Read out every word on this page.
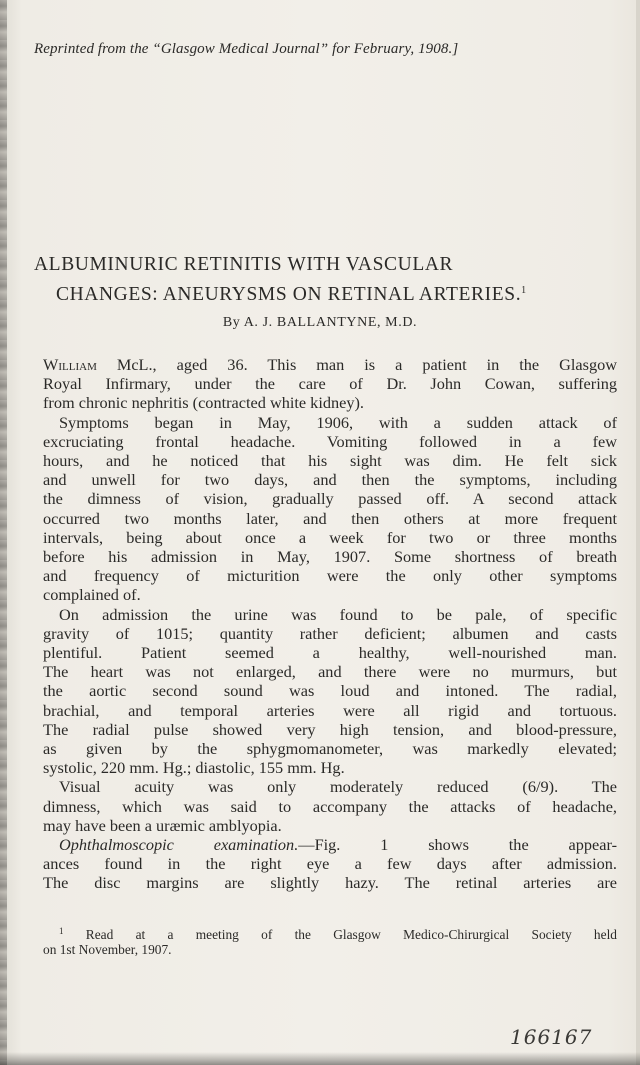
Reprinted from the “Glasgow Medical Journal” for February, 1908.]
ALBUMINURIC RETINITIS WITH VASCULAR
CHANGES: ANEURYSMS ON RETINAL ARTERIES.$^1$
By A. J. BALLANTYNE, M.D.
William McL., aged 36. This man is a patient in the Glasgow
Royal Infirmary, under the care of Dr. John Cowan, suffering
from chronic nephritis (contracted white kidney).
Symptoms began in May, 1906, with a sudden attack of
excruciating frontal headache. Vomiting followed in a few
hours, and he noticed that his sight was dim. He felt sick
and unwell for two days, and then the symptoms, including
the dimness of vision, gradually passed off. A second attack
occurred two months later, and then others at more frequent
intervals, being about once a week for two or three months
before his admission in May, 1907. Some shortness of breath
and frequency of micturition were the only other symptoms
complained of.
On admission the urine was found to be pale, of specific
gravity of 1015; quantity rather deficient; albumen and casts
plentiful. Patient seemed a healthy, well-nourished man.
The heart was not enlarged, and there were no murmurs, but
the aortic second sound was loud and intoned. The radial,
brachial, and temporal arteries were all rigid and tortuous.
The radial pulse showed very high tension, and blood-pressure,
as given by the sphygmomanometer, was markedly elevated;
systolic, 220 mm. Hg.; diastolic, 155 mm. Hg.
Visual acuity was only moderately reduced (6/9). The
dimness, which was said to accompany the attacks of headache,
may have been a uræmic amblyopia.
Ophthalmoscopic examination.—Fig. 1 shows the appear-
ances found in the right eye a few days after admission.
The disc margins are slightly hazy. The retinal arteries are
$^1$ Read at a meeting of the Glasgow Medico-Chirurgical Society held
on 1st November, 1907.
166167
